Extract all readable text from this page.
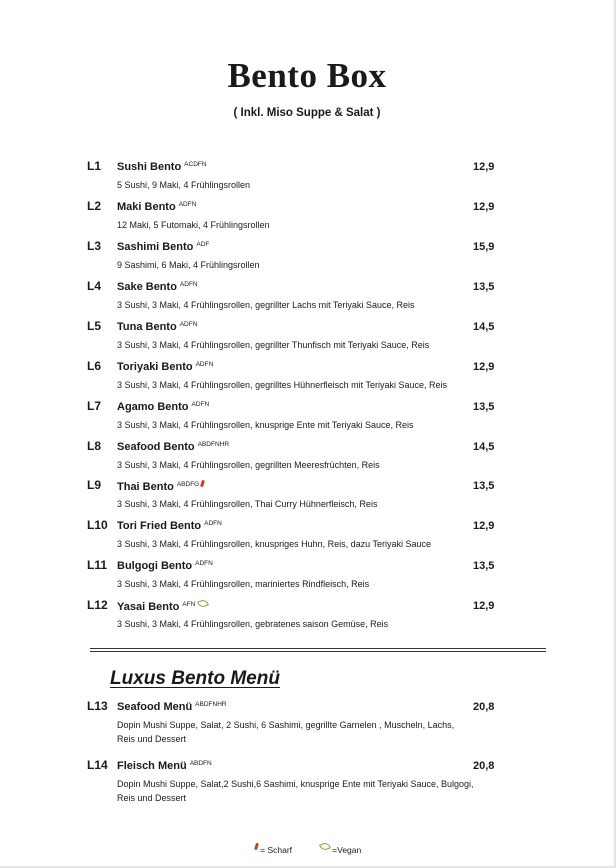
Bento Box
( Inkl. Miso Suppe & Salat )
L1 Sushi Bento $^{ACDFN}$
5 Sushi, 9 Maki, 4 Frühlingsrollen
12,9
L2 Maki Bento $^{ADFN}$
12 Maki, 5 Futomaki, 4 Frühlingsrollen
12,9
L3 Sashimi Bento $^{ADF}$
9 Sashimi, 6 Maki, 4 Frühlingsrollen
15,9
L4 Sake Bento $^{ADFN}$
3 Sushi, 3 Maki, 4 Frühlingsrollen, gegrillter Lachs mit Teriyaki Sauce, Reis
13,5
L5 Tuna Bento $^{ADFN}$
3 Sushi, 3 Maki, 4 Frühlingsrollen, gegrillter Thunfisch mit Teriyaki Sauce, Reis
14,5
L6 Toriyaki Bento $^{ADFN}$
3 Sushi, 3 Maki, 4 Frühlingsrollen, gegrilltes Hühnerfleisch mit Teriyaki Sauce, Reis
12,9
L7 Agamo Bento $^{ADFN}$
3 Sushi, 3 Maki, 4 Frühlingsrollen, knusprige Ente mit Teriyaki Sauce, Reis
13,5
L8 Seafood Bento $^{ABDFNHR}$
3 Sushi, 3 Maki, 4 Frühlingsrollen, gegrillten Meeresfrüchten, Reis
14,5
L9 Thai Bento $^{ABDFG}$
3 Sushi, 3 Maki, 4 Frühlingsrollen, Thai Curry Hühnerfleisch, Reis
13,5
L10 Tori Fried Bento $^{ADFN}$
3 Sushi, 3 Maki, 4 Frühlingsrollen, knuspriges Huhn, Reis, dazu Teriyaki Sauce
12,9
L11 Bulgogi Bento $^{ADFN}$
3 Sushi, 3 Maki, 4 Frühlingsrollen, mariniertes Rindfleisch, Reis
13,5
L12 Yasai Bento $^{AFN}$
3 Sushi, 3 Maki, 4 Frühlingsrollen, gebratenes saison Gemüse, Reis
12,9
Luxus Bento Menü
L13 Seafood Menü $^{ABDFNHR}$
Dopin Mushi Suppe, Salat, 2 Sushi, 6 Sashimi, gegrillte Garnelen , Muscheln, Lachs,
Reis und Dessert
20,8
L14 Fleisch Menü $^{ABDFN}$
Dopin Mushi Suppe, Salat,2 Sushi,6 Sashimi, knusprige Ente mit Teriyaki Sauce, Bulgogi,
Reis und Dessert
20,8
= Scharf	=Vegan
